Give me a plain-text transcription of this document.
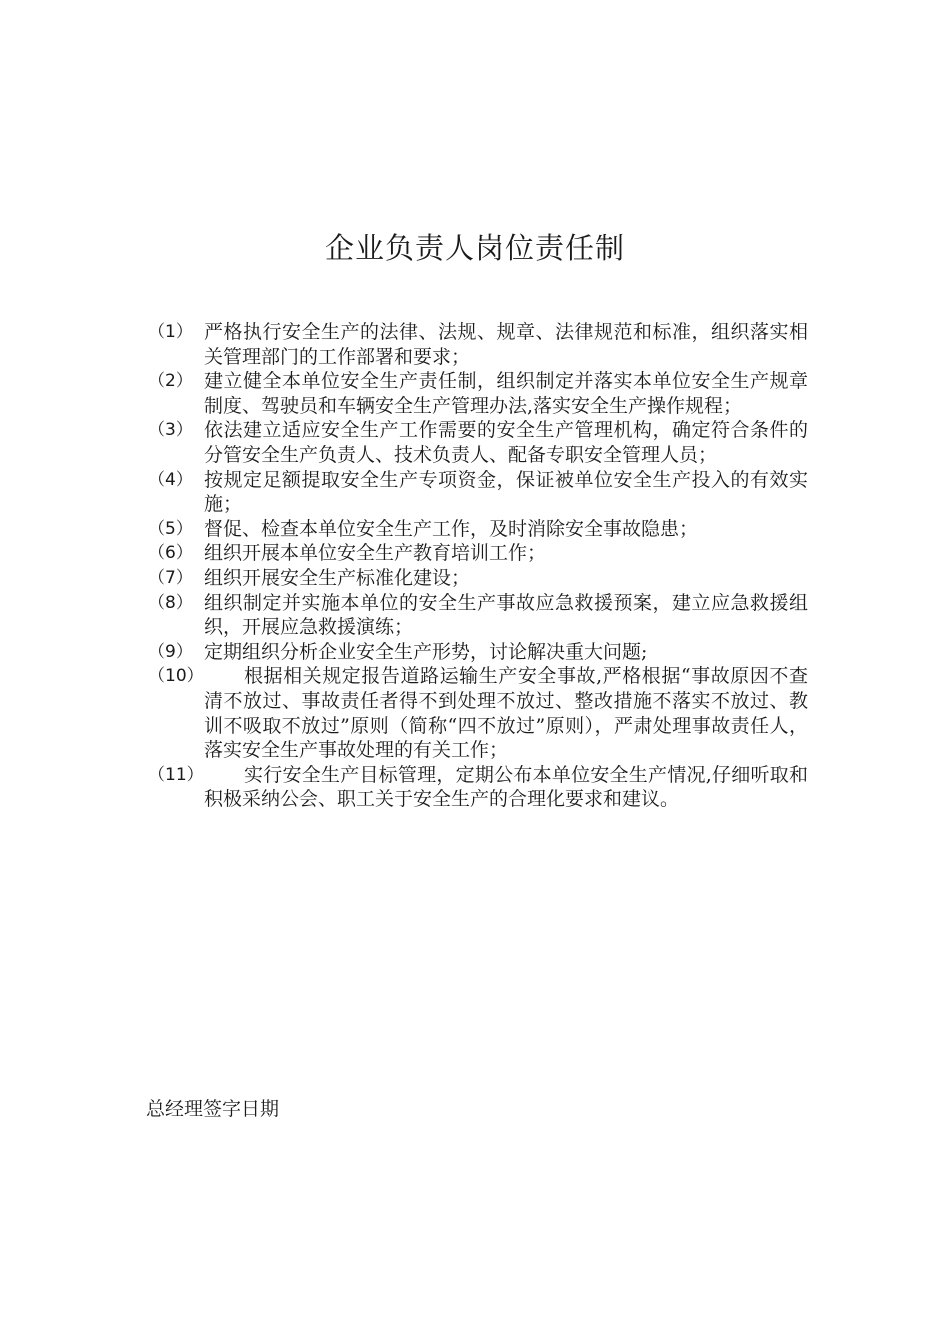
企业负责人岗位责任制
（1） 严格执行安全生产的法律、法规、规章、法律规范和标准，组织落实相关管理部门的工作部署和要求；
（2） 建立健全本单位安全生产责任制，组织制定并落实本单位安全生产规章制度、驾驶员和车辆安全生产管理办法,落实安全生产操作规程；
（3） 依法建立适应安全生产工作需要的安全生产管理机构，确定符合条件的分管安全生产负责人、技术负责人、配备专职安全管理人员；
（4） 按规定足额提取安全生产专项资金，保证被单位安全生产投入的有效实施；
（5） 督促、检查本单位安全生产工作，及时消除安全事故隐患；
（6） 组织开展本单位安全生产教育培训工作；
（7） 组织开展安全生产标准化建设；
（8） 组织制定并实施本单位的安全生产事故应急救援预案，建立应急救援组织，开展应急救援演练；
（9） 定期组织分析企业安全生产形势，讨论解决重大问题;
（10）	根据相关规定报告道路运输生产安全事故,严格根据“事故原因不查清不放过、事故责任者得不到处理不放过、整改措施不落实不放过、教训不吸取不放过”原则（简称“四不放过”原则），严肃处理事故责任人，落实安全生产事故处理的有关工作；
（11）	实行安全生产目标管理，定期公布本单位安全生产情况,仔细听取和积极采纳公会、职工关于安全生产的合理化要求和建议。
总经理签字日期
